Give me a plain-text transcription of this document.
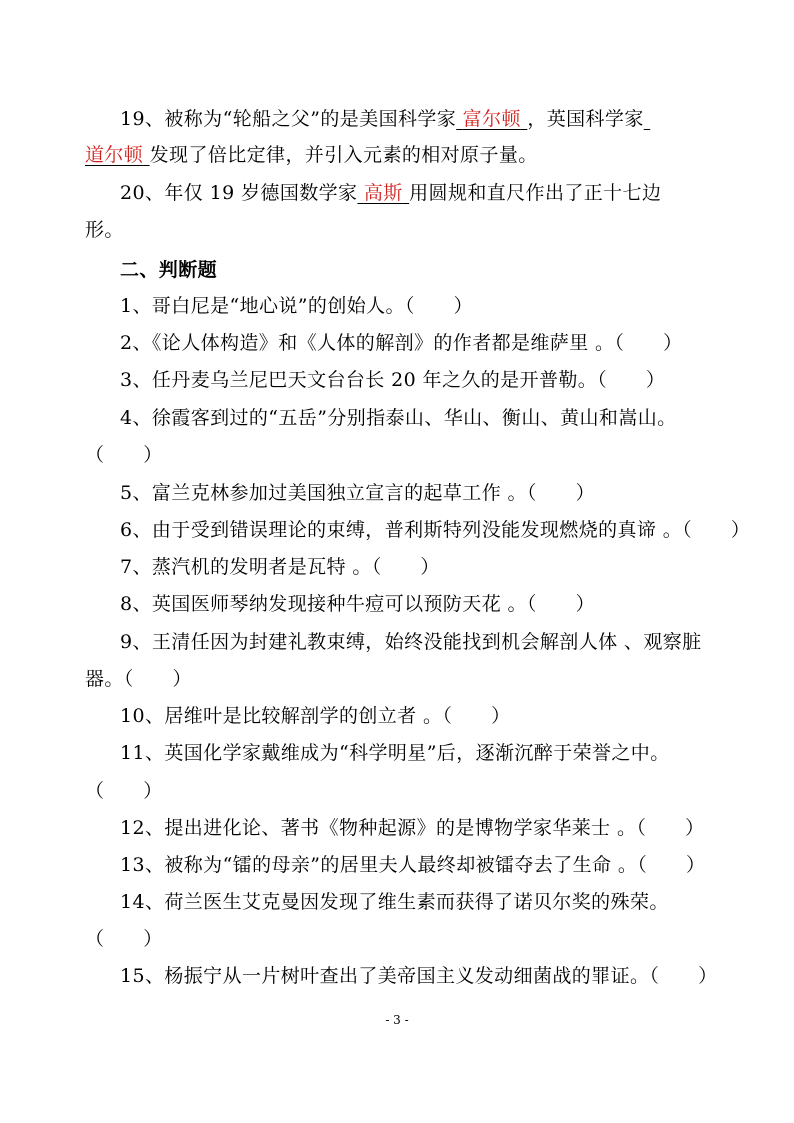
19、被称为“轮船之父”的是美国科学家 富尔顿 ，英国科学家
道尔顿 发现了倍比定律，并引入元素的相对原子量。
20、年仅 19 岁德国数学家 高斯 用圆规和直尺作出了正十七边
形。
二、判断题
1、哥白尼是“地心说”的创始人。（　　）
2、《论人体构造》和《人体的解剖》的作者都是维萨里 。（　　）
3、任丹麦乌兰尼巴天文台台长 20 年之久的是开普勒。（　　）
4、徐霞客到过的“五岳”分别指泰山、华山、衡山、黄山和嵩山。
（　　）
5、富兰克林参加过美国独立宣言的起草工作 。（　　）
6、由于受到错误理论的束缚，普利斯特列没能发现燃烧的真谛 。（　　）
7、蒸汽机的发明者是瓦特 。（　　）
8、英国医师琴纳发现接种牛痘可以预防天花 。（　　）
9、王清任因为封建礼教束缚，始终没能找到机会解剖人体 、观察脏
器。（　　）
10、居维叶是比较解剖学的创立者 。（　　）
11、英国化学家戴维成为“科学明星”后，逐渐沉醉于荣誉之中。
（　　）
12、提出进化论、著书《物种起源》的是博物学家华莱士 。（　　）
13、被称为“镭的母亲”的居里夫人最终却被镭夺去了生命 。（　　）
14、荷兰医生艾克曼因发现了维生素而获得了诺贝尔奖的殊荣。
（　　）
15、杨振宁从一片树叶查出了美帝国主义发动细菌战的罪证。（　　）
- 3 -
